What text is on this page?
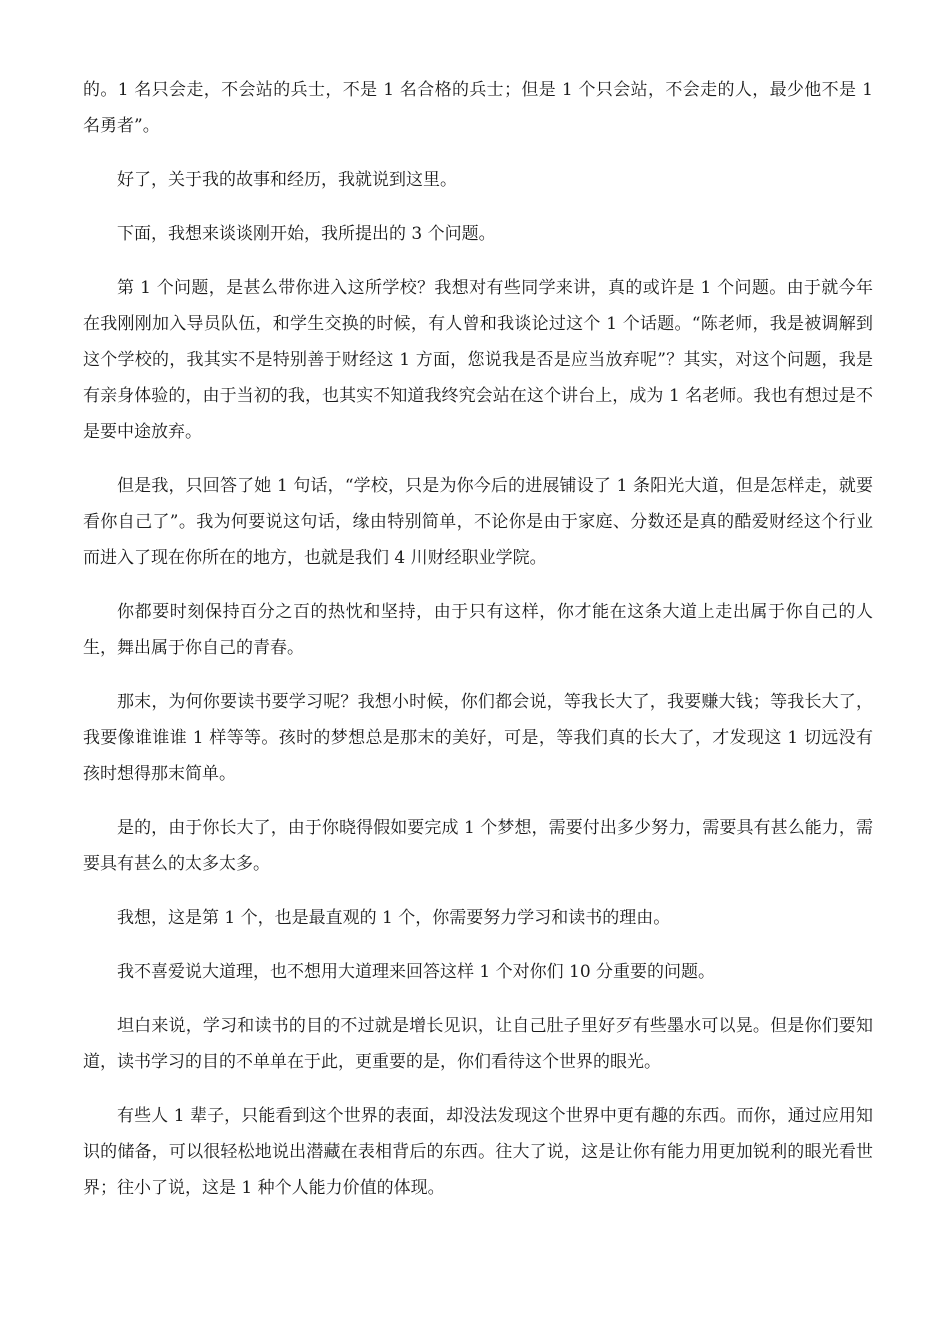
的。1 名只会走，不会站的兵士，不是 1 名合格的兵士；但是 1 个只会站，不会走的人，最少他不是 1 名勇者”。

好了，关于我的故事和经历，我就说到这里。

下面，我想来谈谈刚开始，我所提出的 3 个问题。

第 1 个问题，是甚么带你进入这所学校？我想对有些同学来讲，真的或许是 1 个问题。由于就今年在我刚刚加入导员队伍，和学生交换的时候，有人曾和我谈论过这个 1 个话题。“陈老师，我是被调解到这个学校的，我其实不是特别善于财经这 1 方面，您说我是否是应当放弃呢”？其实，对这个问题，我是有亲身体验的，由于当初的我，也其实不知道我终究会站在这个讲台上，成为 1 名老师。我也有想过是不是要中途放弃。

但是我，只回答了她 1 句话，“学校，只是为你今后的进展铺设了 1 条阳光大道，但是怎样走，就要看你自己了”。我为何要说这句话，缘由特别简单，不论你是由于家庭、分数还是真的酷爱财经这个行业而进入了现在你所在的地方，也就是我们 4 川财经职业学院。

你都要时刻保持百分之百的热忱和坚持，由于只有这样，你才能在这条大道上走出属于你自己的人生，舞出属于你自己的青春。

那末，为何你要读书要学习呢？我想小时候，你们都会说，等我长大了，我要赚大钱；等我长大了，我要像谁谁谁 1 样等等。孩时的梦想总是那末的美好，可是，等我们真的长大了，才发现这 1 切远没有孩时想得那末简单。

是的，由于你长大了，由于你晓得假如要完成 1 个梦想，需要付出多少努力，需要具有甚么能力，需要具有甚么的太多太多。

我想，这是第 1 个，也是最直观的 1 个，你需要努力学习和读书的理由。

我不喜爱说大道理，也不想用大道理来回答这样 1 个对你们 10 分重要的问题。

坦白来说，学习和读书的目的不过就是增长见识，让自己肚子里好歹有些墨水可以晃。但是你们要知道，读书学习的目的不单单在于此，更重要的是，你们看待这个世界的眼光。

有些人 1 辈子，只能看到这个世界的表面，却没法发现这个世界中更有趣的东西。而你，通过应用知识的储备，可以很轻松地说出潜藏在表相背后的东西。往大了说，这是让你有能力用更加锐利的眼光看世界；往小了说，这是 1 种个人能力价值的体现。
